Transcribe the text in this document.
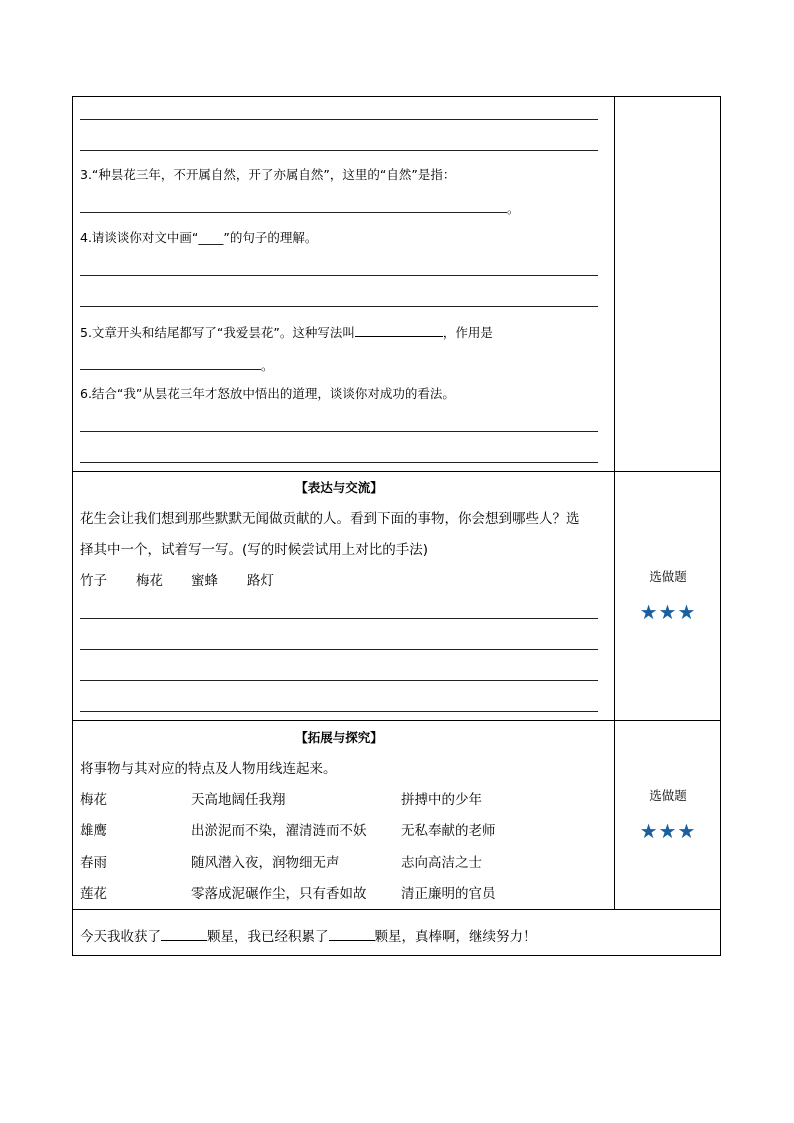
3.“种昙花三年，不开属自然，开了亦属自然”，这里的“自然”是指：
。
4.请谈谈你对文中画“____”的句子的理解。
5.文章开头和结尾都写了“我爱昙花”。这种写法叫	，作用是
。
6.结合“我”从昙花三年才怒放中悟出的道理，谈谈你对成功的看法。
【表达与交流】
花生会让我们想到那些默默无闻做贡献的人。看到下面的事物，你会想到哪些人？选
择其中一个，试着写一写。(写的时候尝试用上对比的手法)
竹子 梅花 蜜蜂 路灯	选做题
★★★
【拓展与探究】
将事物与其对应的特点及人物用线连起来。
梅花	天高地阔任我翔	拼搏中的少年
雄鹰	出淤泥而不染，濯清涟而不妖	无私奉献的老师
春雨	随风潜入夜，润物细无声	志向高洁之士
莲花	零落成泥碾作尘，只有香如故	清正廉明的官员
选做题
★★★
今天我收获了	颗星，我已经积累了	颗星，真棒啊，继续努力！
